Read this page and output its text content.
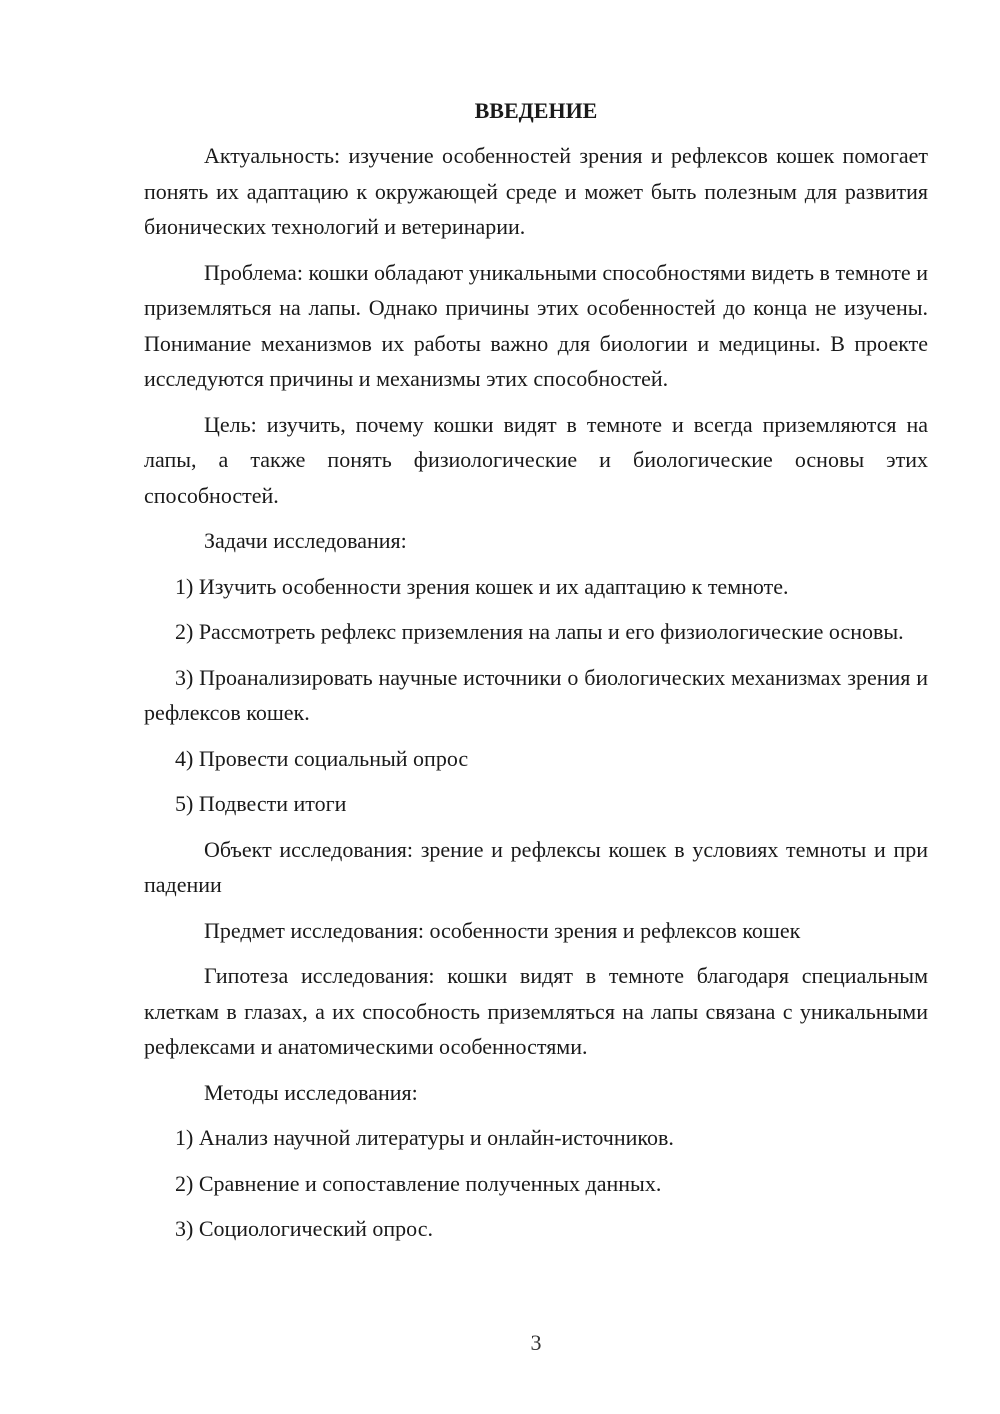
ВВЕДЕНИЕ

Актуальность: изучение особенностей зрения и рефлексов кошек помогает понять их адаптацию к окружающей среде и может быть полезным для развития бионических технологий и ветеринарии.

Проблема: кошки обладают уникальными способностями видеть в темноте и приземляться на лапы. Однако причины этих особенностей до конца не изучены. Понимание механизмов их работы важно для биологии и медицины. В проекте исследуются причины и механизмы этих способностей.

Цель: изучить, почему кошки видят в темноте и всегда приземляются на лапы, а также понять физиологические и биологические основы этих способностей.

Задачи исследования:

1) Изучить особенности зрения кошек и их адаптацию к темноте.

2) Рассмотреть рефлекс приземления на лапы и его физиологические основы.

3) Проанализировать научные источники о биологических механизмах зрения и рефлексов кошек.

4) Провести социальный опрос

5) Подвести итоги

Объект исследования: зрение и рефлексы кошек в условиях темноты и при падении

Предмет исследования: особенности зрения и рефлексов кошек

Гипотеза исследования: кошки видят в темноте благодаря специальным клеткам в глазах, а их способность приземляться на лапы связана с уникальными рефлексами и анатомическими особенностями.

Методы исследования:

1) Анализ научной литературы и онлайн-источников.

2) Сравнение и сопоставление полученных данных.

3) Социологический опрос.

3
